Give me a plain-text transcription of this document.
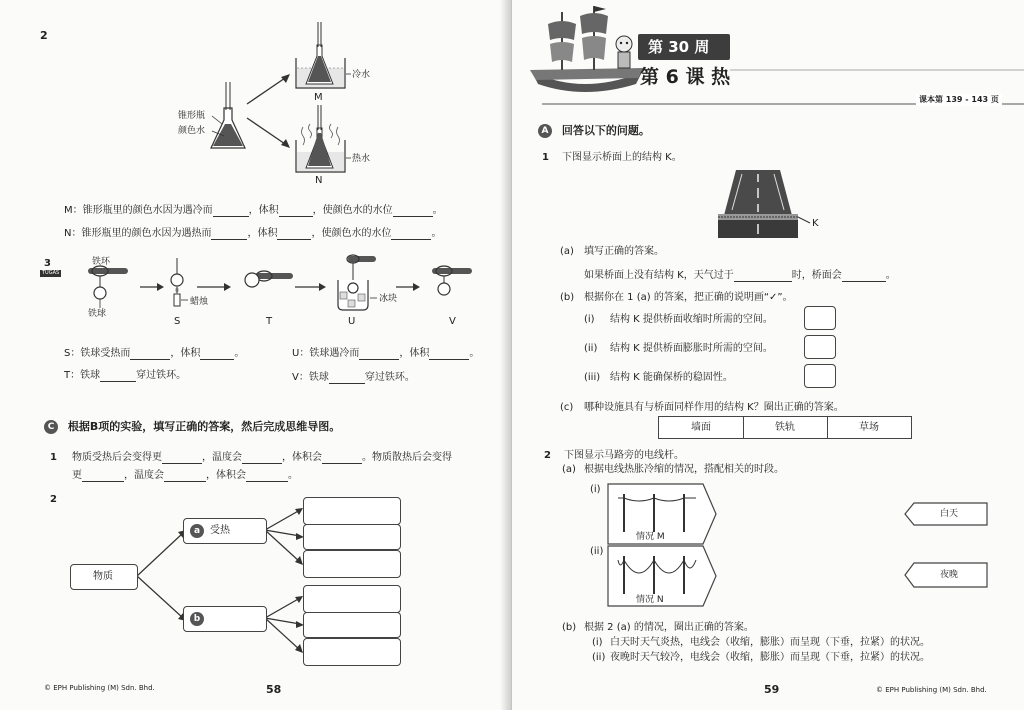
2
锥形瓶
颜色水
冷水
M
热水
N
M：锥形瓶里的颜色水因为遇冷而	，体积	，使颜色水的水位	。
N：锥形瓶里的颜色水因为遇热而	，体积	，使颜色水的水位	。
3
TUGAS
铁环
铁球
蜡烛	冰块
S	T	U	V
S：铁球受热而	，体积	。	U：铁球遇冷而	，体积	。
T：铁球	穿过铁环。	V：铁球	穿过铁环。
C 根据B项的实验，填写正确的答案，然后完成思维导图。
1 物质受热后会变得更	，温度会	，体积会	。物质散热后会变得
更	，温度会	，体积会	。
2
物质
a 受热
b
© EPH Publishing (M) Sdn. Bhd.	58
第 30 周
第 6 课 热
课本第 139 - 143 页
A 回答以下的问题。
1 下图显示桥面上的结构 K。
K
(a) 填写正确的答案。
如果桥面上没有结构 K，天气过于	时，桥面会	。
(b) 根据你在 1 (a) 的答案，把正确的说明画“✓”。
(i) 结构 K 提供桥面收缩时所需的空间。
(ii) 结构 K 提供桥面膨胀时所需的空间。
(iii) 结构 K 能确保桥的稳固性。
(c) 哪种设施具有与桥面同样作用的结构 K？圈出正确的答案。
墙面	铁轨	草场
2 下图显示马路旁的电线杆。
(a) 根据电线热胀冷缩的情况，搭配相关的时段。
(i)
情况 M
(ii)
情况 N
白天
夜晚
(b) 根据 2 (a) 的情况，圈出正确的答案。
(i) 白天时天气炎热，电线会（收缩，膨胀）而呈现（下垂，拉紧）的状况。
(ii) 夜晚时天气较冷，电线会（收缩，膨胀）而呈现（下垂，拉紧）的状况。
59	© EPH Publishing (M) Sdn. Bhd.
